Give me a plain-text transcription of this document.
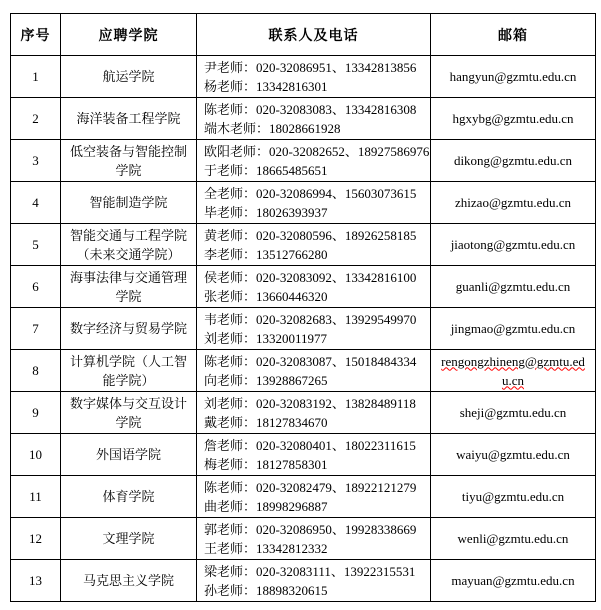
序号	应聘学院	联系人及电话	邮箱
1	航运学院	尹老师：020-32086951、13342813856
杨老师：13342816301	hangyun@gzmtu.edu.cn
2	海洋装备工程学院	陈老师：020-32083083、13342816308
端木老师：18028661928	hgxybg@gzmtu.edu.cn
3	低空装备与智能控制学院	欧阳老师：020-32082652、18927586976
于老师：18665485651	dikong@gzmtu.edu.cn
4	智能制造学院	全老师：020-32086994、15603073615
毕老师：18026393937	zhizao@gzmtu.edu.cn
5	智能交通与工程学院（未来交通学院）	黄老师：020-32080596、18926258185
李老师：13512766280	jiaotong@gzmtu.edu.cn
6	海事法律与交通管理学院	侯老师：020-32083092、13342816100
张老师：13660446320	guanli@gzmtu.edu.cn
7	数字经济与贸易学院	韦老师：020-32082683、13929549970
刘老师：13320011977	jingmao@gzmtu.edu.cn
8	计算机学院（人工智能学院）	陈老师：020-32083087、15018484334
向老师：13928867265	rengongzhineng@gzmtu.edu.cn
9	数字媒体与交互设计学院	刘老师：020-32083192、13828489118
戴老师：18127834670	sheji@gzmtu.edu.cn
10	外国语学院	詹老师：020-32080401、18022311615
梅老师：18127858301	waiyu@gzmtu.edu.cn
11	体育学院	陈老师：020-32082479、18922121279
曲老师：18998296887	tiyu@gzmtu.edu.cn
12	文理学院	郭老师：020-32086950、19928338669
王老师：13342812332	wenli@gzmtu.edu.cn
13	马克思主义学院	梁老师：020-32083111、13922315531
孙老师：18898320615	mayuan@gzmtu.edu.cn
